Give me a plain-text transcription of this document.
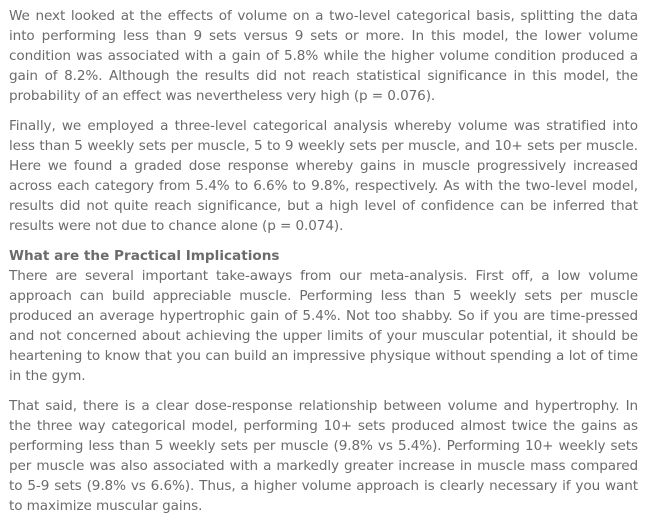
We next looked at the effects of volume on a two-level categorical basis, splitting the data into performing less than 9 sets versus 9 sets or more. In this model, the lower volume condition was associated with a gain of 5.8% while the higher volume condition produced a gain of 8.2%. Although the results did not reach statistical significance in this model, the probability of an effect was nevertheless very high (p = 0.076).

Finally, we employed a three-level categorical analysis whereby volume was stratified into less than 5 weekly sets per muscle, 5 to 9 weekly sets per muscle, and 10+ sets per muscle. Here we found a graded dose response whereby gains in muscle progressively increased across each category from 5.4% to 6.6% to 9.8%, respectively. As with the two-level model, results did not quite reach significance, but a high level of confidence can be inferred that results were not due to chance alone (p = 0.074).

What are the Practical Implications

There are several important take-aways from our meta-analysis. First off, a low volume approach can build appreciable muscle. Performing less than 5 weekly sets per muscle produced an average hypertrophic gain of 5.4%. Not too shabby. So if you are time-pressed and not concerned about achieving the upper limits of your muscular potential, it should be heartening to know that you can build an impressive physique without spending a lot of time in the gym.

That said, there is a clear dose-response relationship between volume and hypertrophy. In the three way categorical model, performing 10+ sets produced almost twice the gains as performing less than 5 weekly sets per muscle (9.8% vs 5.4%). Performing 10+ weekly sets per muscle was also associated with a markedly greater increase in muscle mass compared to 5-9 sets (9.8% vs 6.6%). Thus, a higher volume approach is clearly necessary if you want to maximize muscular gains.
